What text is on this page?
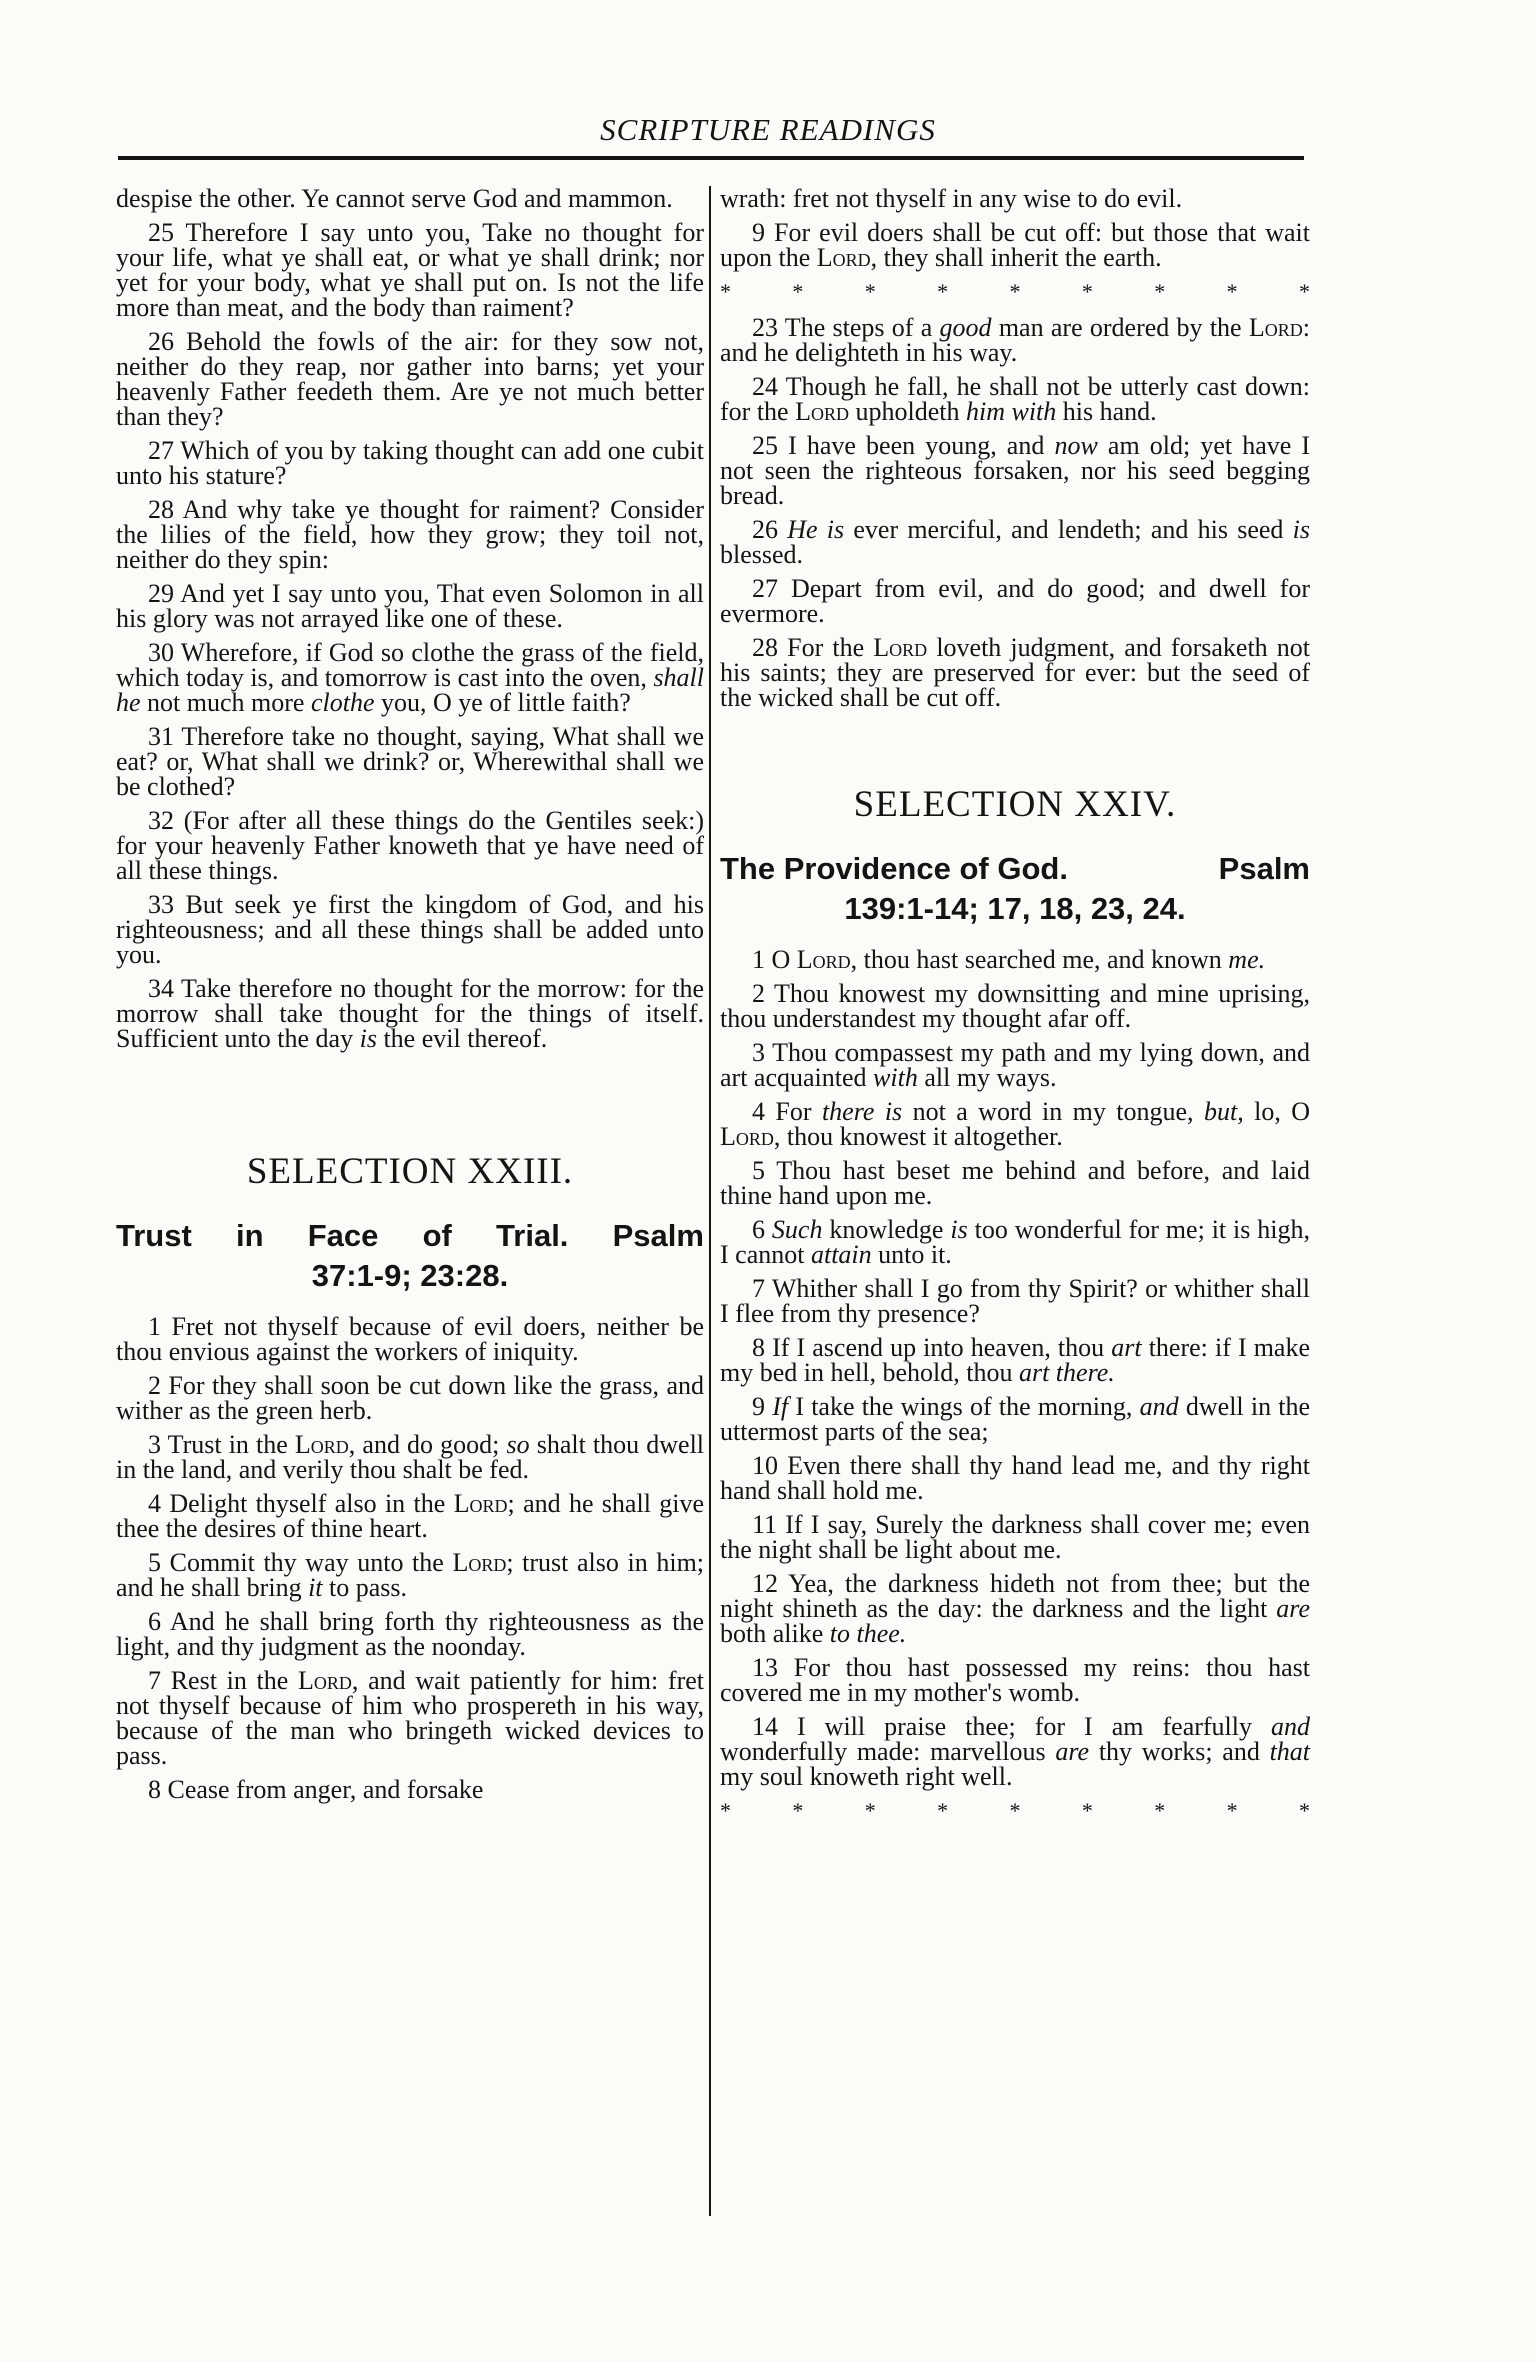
SCRIPTURE READINGS

despise the other. Ye cannot serve God and mammon.

25 Therefore I say unto you, Take no thought for your life, what ye shall eat, or what ye shall drink; nor yet for your body, what ye shall put on. Is not the life more than meat, and the body than raiment?

26 Behold the fowls of the air: for they sow not, neither do they reap, nor gather into barns; yet your heavenly Father feedeth them. Are ye not much better than they?

27 Which of you by taking thought can add one cubit unto his stature?

28 And why take ye thought for raiment? Consider the lilies of the field, how they grow; they toil not, neither do they spin:

29 And yet I say unto you, That even Solomon in all his glory was not arrayed like one of these.

30 Wherefore, if God so clothe the grass of the field, which today is, and tomorrow is cast into the oven, shall he not much more clothe you, O ye of little faith?

31 Therefore take no thought, saying, What shall we eat? or, What shall we drink? or, Wherewithal shall we be clothed?

32 (For after all these things do the Gentiles seek:) for your heavenly Father knoweth that ye have need of all these things.

33 But seek ye first the kingdom of God, and his righteousness; and all these things shall be added unto you.

34 Take therefore no thought for the morrow: for the morrow shall take thought for the things of itself. Sufficient unto the day is the evil thereof.

SELECTION XXIII.
Trust in Face of Trial. Psalm
37:1-9; 23:28.

1 Fret not thyself because of evil doers, neither be thou envious against the workers of iniquity.

2 For they shall soon be cut down like the grass, and wither as the green herb.

3 Trust in the Lord, and do good; so shalt thou dwell in the land, and verily thou shalt be fed.

4 Delight thyself also in the Lord; and he shall give thee the desires of thine heart.

5 Commit thy way unto the Lord; trust also in him; and he shall bring it to pass.

6 And he shall bring forth thy righteousness as the light, and thy judgment as the noonday.

7 Rest in the Lord, and wait patiently for him: fret not thyself because of him who prospereth in his way, because of the man who bringeth wicked devices to pass.

8 Cease from anger, and forsake

wrath: fret not thyself in any wise to do evil.

9 For evil doers shall be cut off: but those that wait upon the Lord, they shall inherit the earth.

*	*	*	*	*	*	*	*	*

23 The steps of a good man are ordered by the Lord: and he delighteth in his way.

24 Though he fall, he shall not be utterly cast down: for the Lord upholdeth him with his hand.

25 I have been young, and now am old; yet have I not seen the righteous forsaken, nor his seed begging bread.

26 He is ever merciful, and lendeth; and his seed is blessed.

27 Depart from evil, and do good; and dwell for evermore.

28 For the Lord loveth judgment, and forsaketh not his saints; they are preserved for ever: but the seed of the wicked shall be cut off.

SELECTION XXIV.
The Providence of God.	Psalm
139:1-14; 17, 18, 23, 24.

1 O Lord, thou hast searched me, and known me.

2 Thou knowest my downsitting and mine uprising, thou understandest my thought afar off.

3 Thou compassest my path and my lying down, and art acquainted with all my ways.

4 For there is not a word in my tongue, but, lo, O Lord, thou knowest it altogether.

5 Thou hast beset me behind and before, and laid thine hand upon me.

6 Such knowledge is too wonderful for me; it is high, I cannot attain unto it.

7 Whither shall I go from thy Spirit? or whither shall I flee from thy presence?

8 If I ascend up into heaven, thou art there: if I make my bed in hell, behold, thou art there.

9 If I take the wings of the morning, and dwell in the uttermost parts of the sea;

10 Even there shall thy hand lead me, and thy right hand shall hold me.

11 If I say, Surely the darkness shall cover me; even the night shall be light about me.

12 Yea, the darkness hideth not from thee; but the night shineth as the day: the darkness and the light are both alike to thee.

13 For thou hast possessed my reins: thou hast covered me in my mother's womb.

14 I will praise thee; for I am fearfully and wonderfully made: marvellous are thy works; and that my soul knoweth right well.

*	*	*	*	*	*	*	*	*
